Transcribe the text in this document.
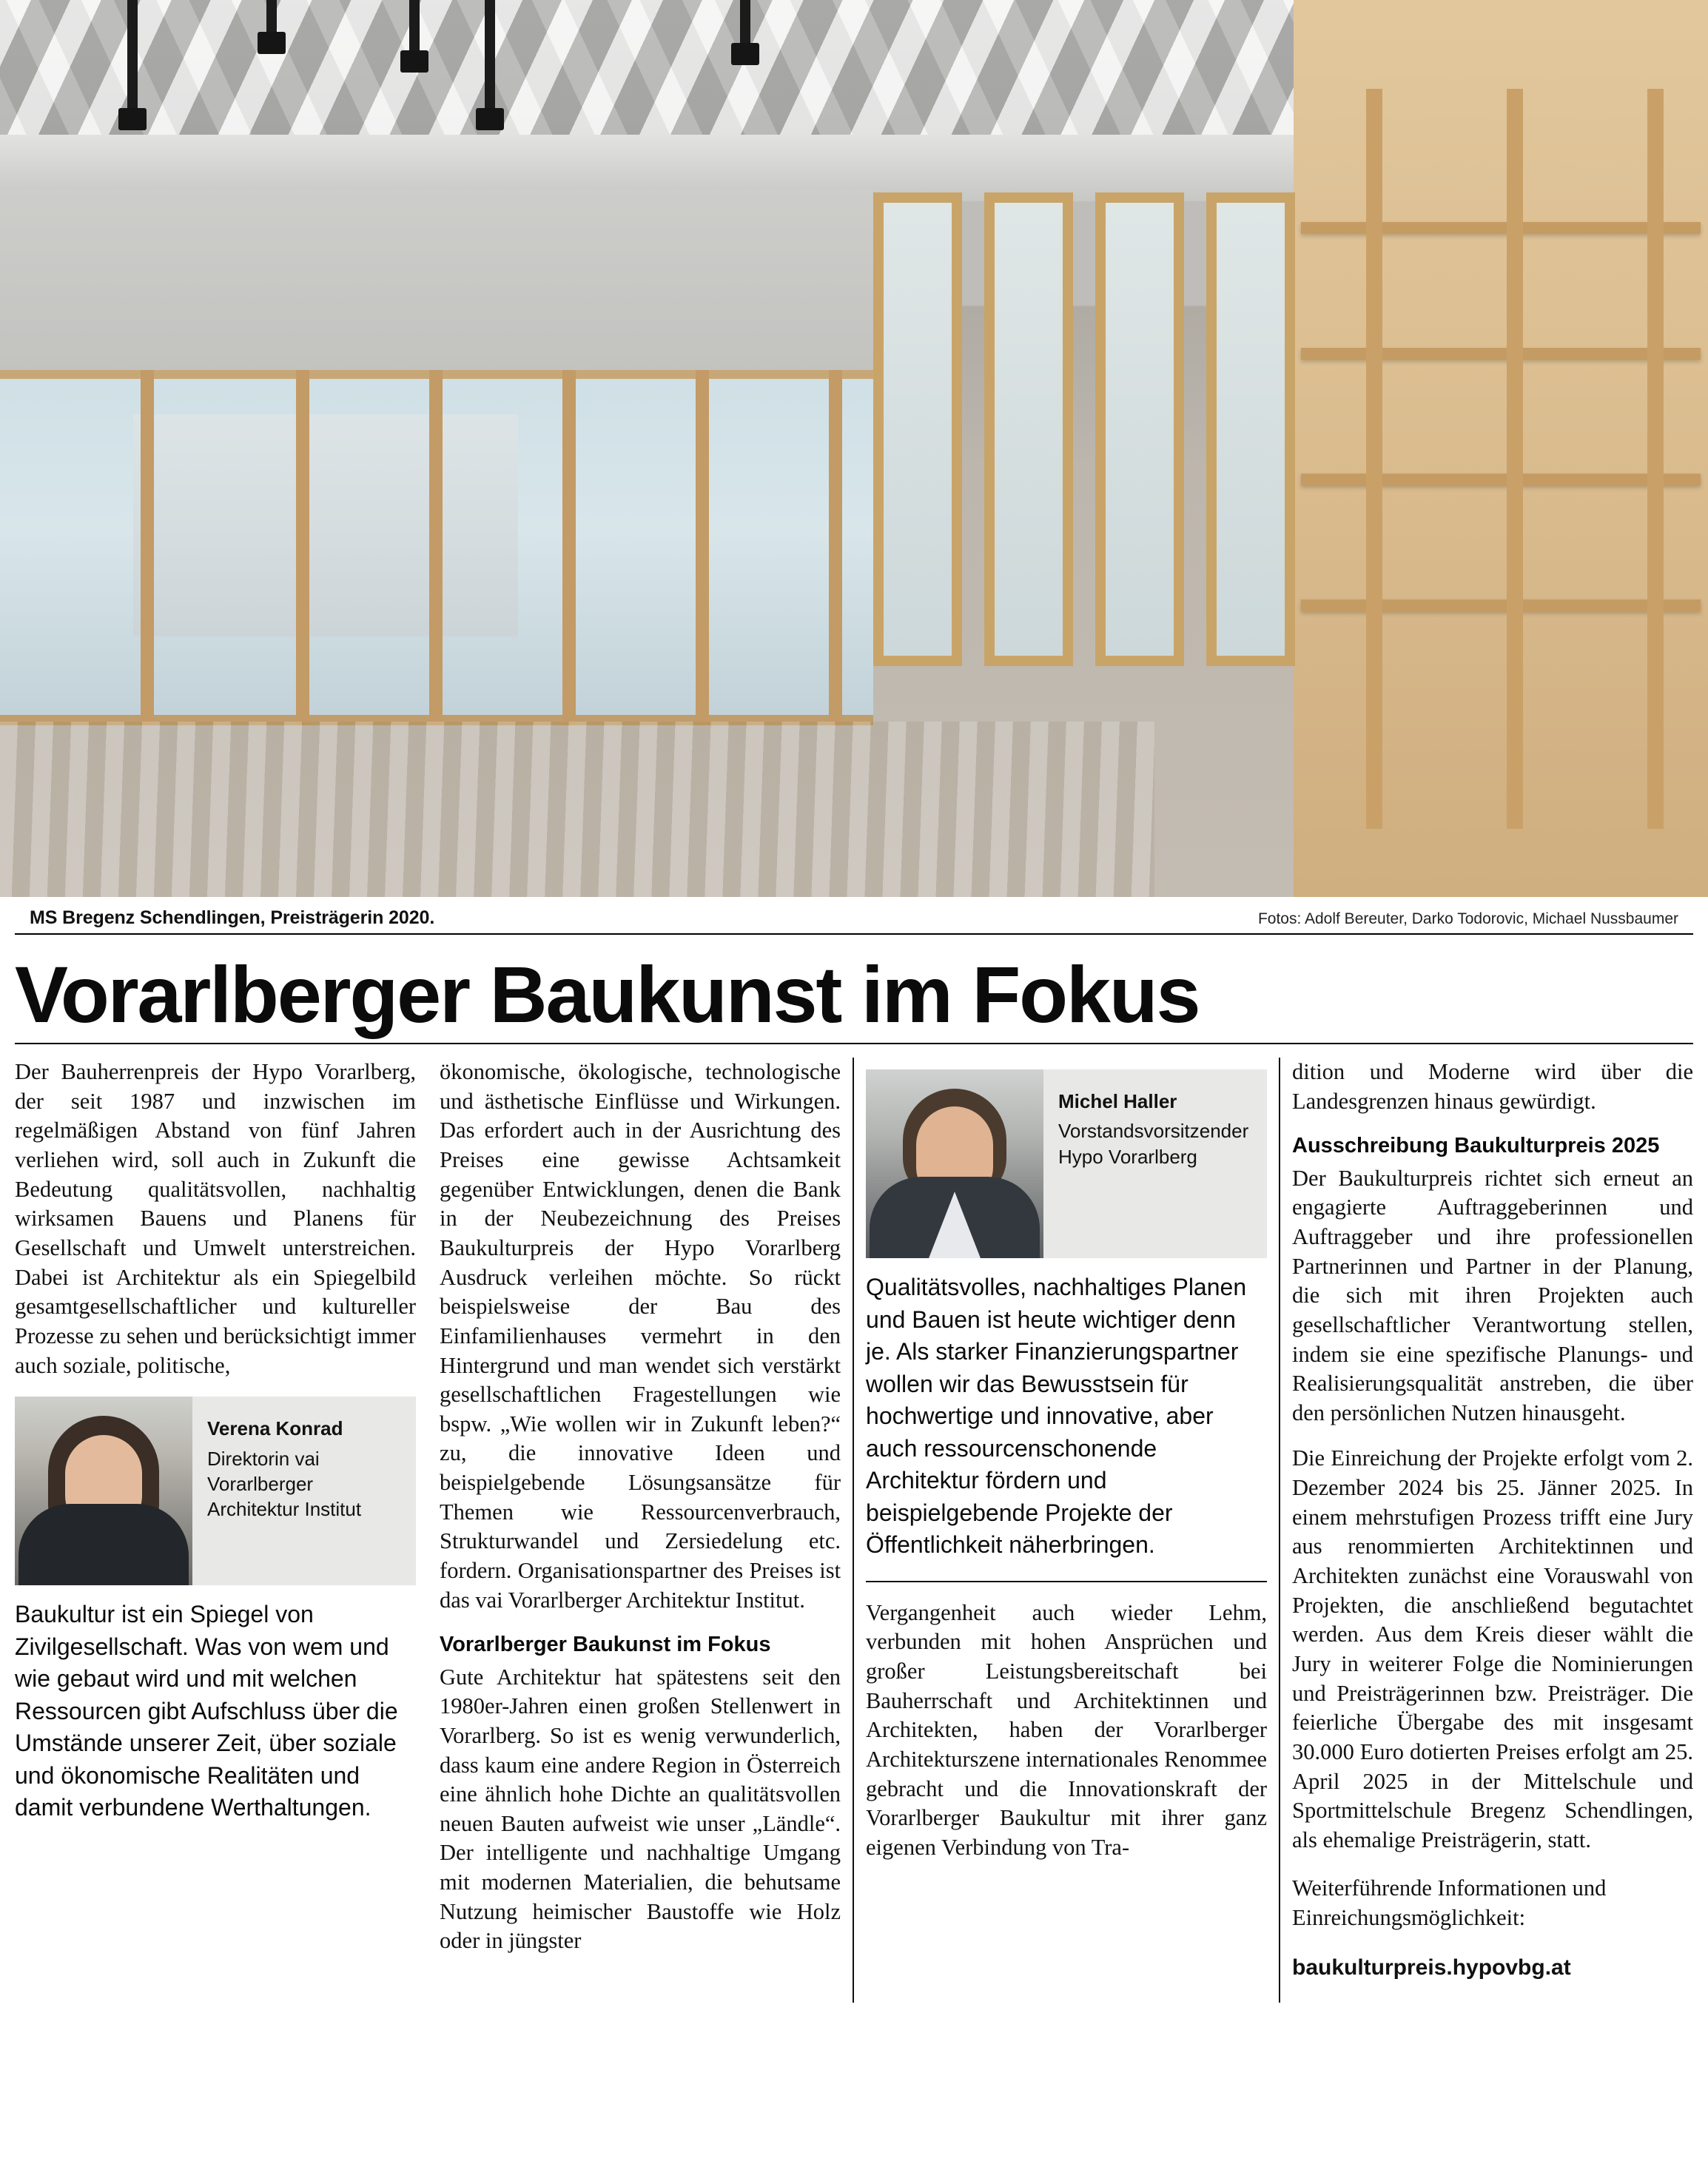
MS Bregenz Schendlingen, Preisträgerin 2020.	Fotos: Adolf Bereuter, Darko Todorovic, Michael Nussbaumer
Vorarlberger Baukunst im Fokus

Der Bauherrenpreis der Hypo Vorarlberg, der seit 1987 und inzwischen im regelmäßigen Abstand von fünf Jahren verliehen wird, soll auch in Zukunft die Bedeutung qualitätsvollen, nachhaltig wirksamen Bauens und Planens für Gesellschaft und Umwelt unterstreichen. Dabei ist Architektur als ein Spiegelbild gesamtgesellschaftlicher und kultureller Prozesse zu sehen und berücksichtigt immer auch soziale, politische,

Verena Konrad
Direktorin vai Vorarlberger Architektur Institut

Baukultur ist ein Spiegel von Zivilgesellschaft. Was von wem und wie gebaut wird und mit welchen Ressourcen gibt Aufschluss über die Umstände unserer Zeit, über soziale und ökonomische Realitäten und damit verbundene Werthaltungen.

ökonomische, ökologische, technologische und ästhetische Einflüsse und Wirkungen. Das erfordert auch in der Ausrichtung des Preises eine gewisse Achtsamkeit gegenüber Entwicklungen, denen die Bank in der Neubezeichnung des Preises Baukulturpreis der Hypo Vorarlberg Ausdruck verleihen möchte. So rückt beispielsweise der Bau des Einfamilienhauses vermehrt in den Hintergrund und man wendet sich verstärkt gesellschaftlichen Fragestellungen wie bspw. „Wie wollen wir in Zukunft leben?“ zu, die innovative Ideen und beispielgebende Lösungsansätze für Themen wie Ressourcenverbrauch, Strukturwandel und Zersiedelung etc. fordern. Organisationspartner des Preises ist das vai Vorarlberger Architektur Institut.

Vorarlberger Baukunst im Fokus

Gute Architektur hat spätestens seit den 1980er-Jahren einen großen Stellenwert in Vorarlberg. So ist es wenig verwunderlich, dass kaum eine andere Region in Österreich eine ähnlich hohe Dichte an qualitätsvollen neuen Bauten aufweist wie unser „Ländle“. Der intelligente und nachhaltige Umgang mit modernen Materialien, die behutsame Nutzung heimischer Baustoffe wie Holz oder in jüngster

Michel Haller
Vorstandsvorsitzender Hypo Vorarlberg

Qualitätsvolles, nachhaltiges Planen und Bauen ist heute wichtiger denn je. Als starker Finanzierungspartner wollen wir das Bewusstsein für hochwertige und innovative, aber auch ressourcenschonende Architektur fördern und beispielgebende Projekte der Öffentlichkeit näherbringen.

Vergangenheit auch wieder Lehm, verbunden mit hohen Ansprüchen und großer Leistungsbereitschaft bei Bauherrschaft und Architektinnen und Architekten, haben der Vorarlberger Architekturszene internationales Renommee gebracht und die Innovationskraft der Vorarlberger Baukultur mit ihrer ganz eigenen Verbindung von Tra-

dition und Moderne wird über die Landesgrenzen hinaus gewürdigt.

Ausschreibung Baukulturpreis 2025

Der Baukulturpreis richtet sich erneut an engagierte Auftraggeberinnen und Auftraggeber und ihre professionellen Partnerinnen und Partner in der Planung, die sich mit ihren Projekten auch gesellschaftlicher Verantwortung stellen, indem sie eine spezifische Planungs- und Realisierungsqualität anstreben, die über den persönlichen Nutzen hinausgeht.

Die Einreichung der Projekte erfolgt vom 2. Dezember 2024 bis 25. Jänner 2025. In einem mehrstufigen Prozess trifft eine Jury aus renommierten Architektinnen und Architekten zunächst eine Vorauswahl von Projekten, die anschließend begutachtet werden. Aus dem Kreis dieser wählt die Jury in weiterer Folge die Nominierungen und Preisträgerinnen bzw. Preisträger. Die feierliche Übergabe des mit insgesamt 30.000 Euro dotierten Preises erfolgt am 25. April 2025 in der Mittelschule und Sportmittelschule Bregenz Schendlingen, als ehemalige Preisträgerin, statt.

Weiterführende Informationen und Einreichungsmöglichkeit:

baukulturpreis.hypovbg.at
